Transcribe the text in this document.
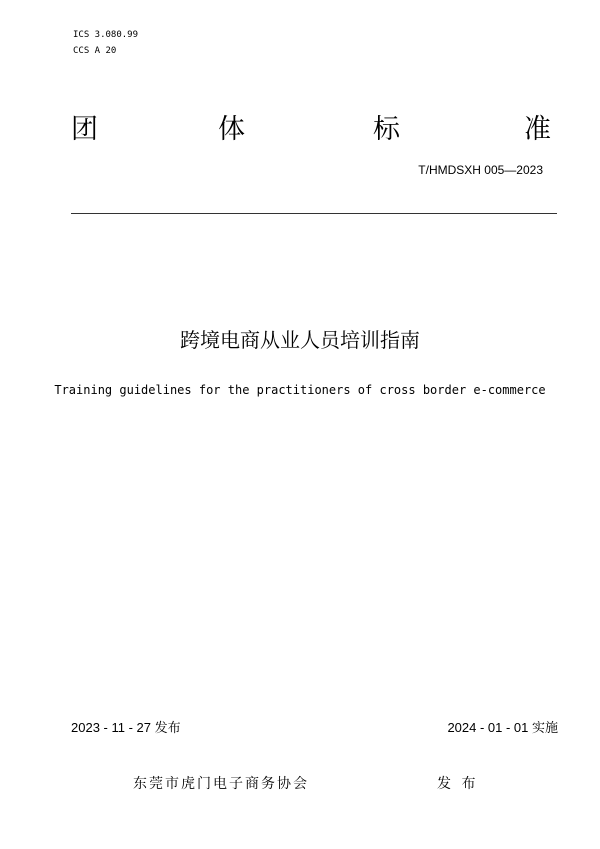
ICS 3.080.99
CCS A 20
团	体	标	准
T/HMDSXH 005—2023
跨境电商从业人员培训指南
Training guidelines for the practitioners of cross border e-commerce
2023 - 11 - 27 发布	2024 - 01 - 01 实施
东莞市虎门电子商务协会	发 布
